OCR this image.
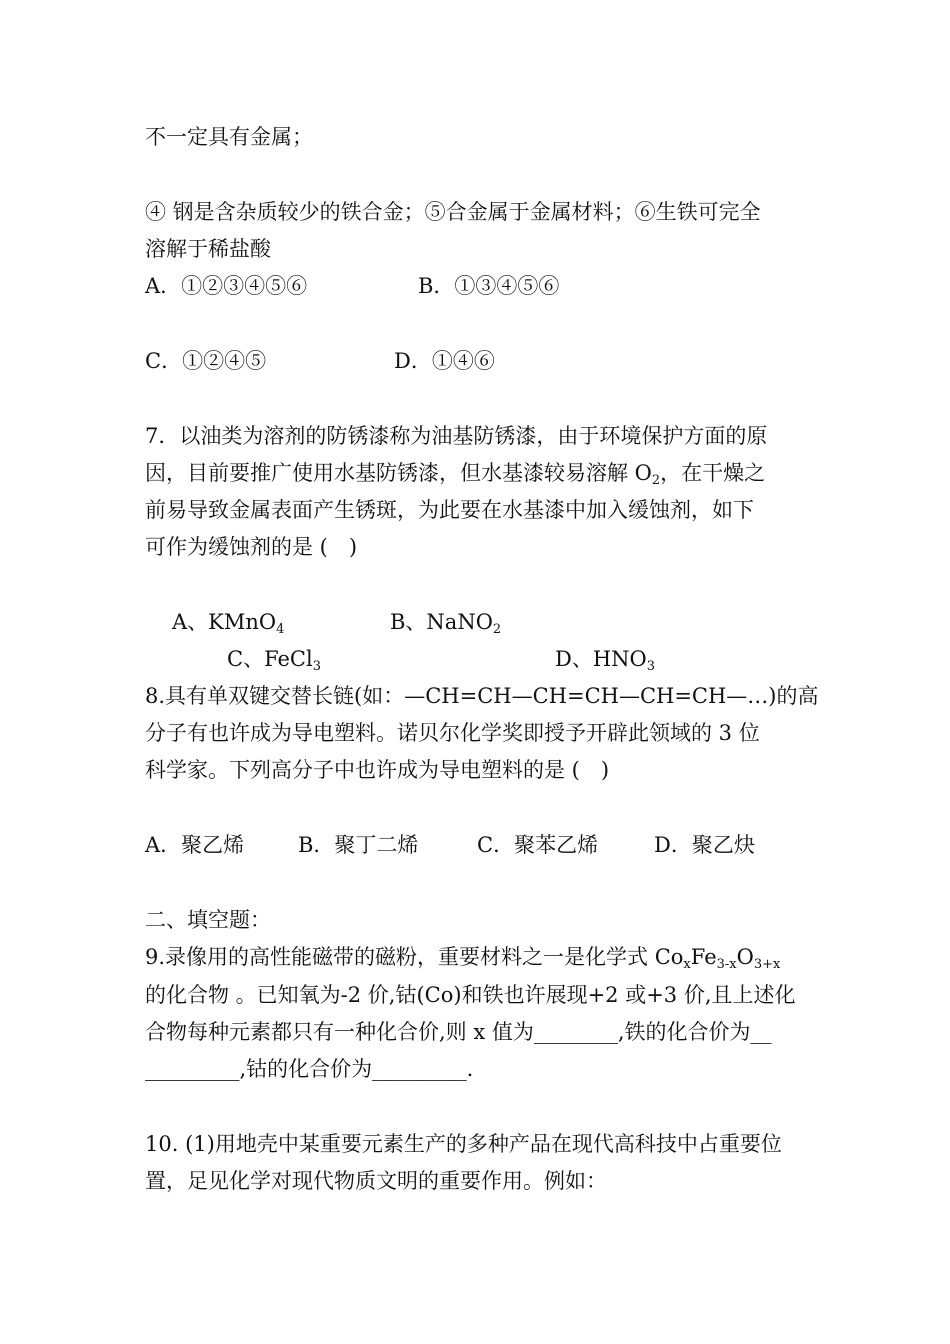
不一定具有金属；
④ 钢是含杂质较少的铁合金；⑤合金属于金属材料；⑥生铁可完全
溶解于稀盐酸
A．①②③④⑤⑥	B．①③④⑤⑥
C．①②④⑤	D．①④⑥
7．以油类为溶剂的防锈漆称为油基防锈漆，由于环境保护方面的原
因，目前要推广使用水基防锈漆，但水基漆较易溶解 $O_2$，在干燥之
前易导致金属表面产生锈斑，为此要在水基漆中加入缓蚀剂，如下
可作为缓蚀剂的是 (　)
A、KMnO$_4$	B、NaNO$_2$
C、FeCl$_3$	D、$HNO_3$
8.具有单双键交替长链(如：—CH=CH—CH=CH—CH=CH—…)的高
分子有也许成为导电塑料。诺贝尔化学奖即授予开辟此领域的 3 位
科学家。下列高分子中也许成为导电塑料的是 (　)
A．聚乙烯	B．聚丁二烯	C．聚苯乙烯	D．聚乙炔
二、填空题：
9.录像用的高性能磁带的磁粉，重要材料之一是化学式 $Co_xFe_{3-x}O_{3+x}$
的化合物 。已知氧为-2 价,钴(Co)和铁也许展现+2 或+3 价,且上述化
合物每种元素都只有一种化合价,则 x 值为________,铁的化合价为__
_________,钴的化合价为_________.
10. (1)用地壳中某重要元素生产的多种产品在现代高科技中占重要位
置，足见化学对现代物质文明的重要作用。例如：
